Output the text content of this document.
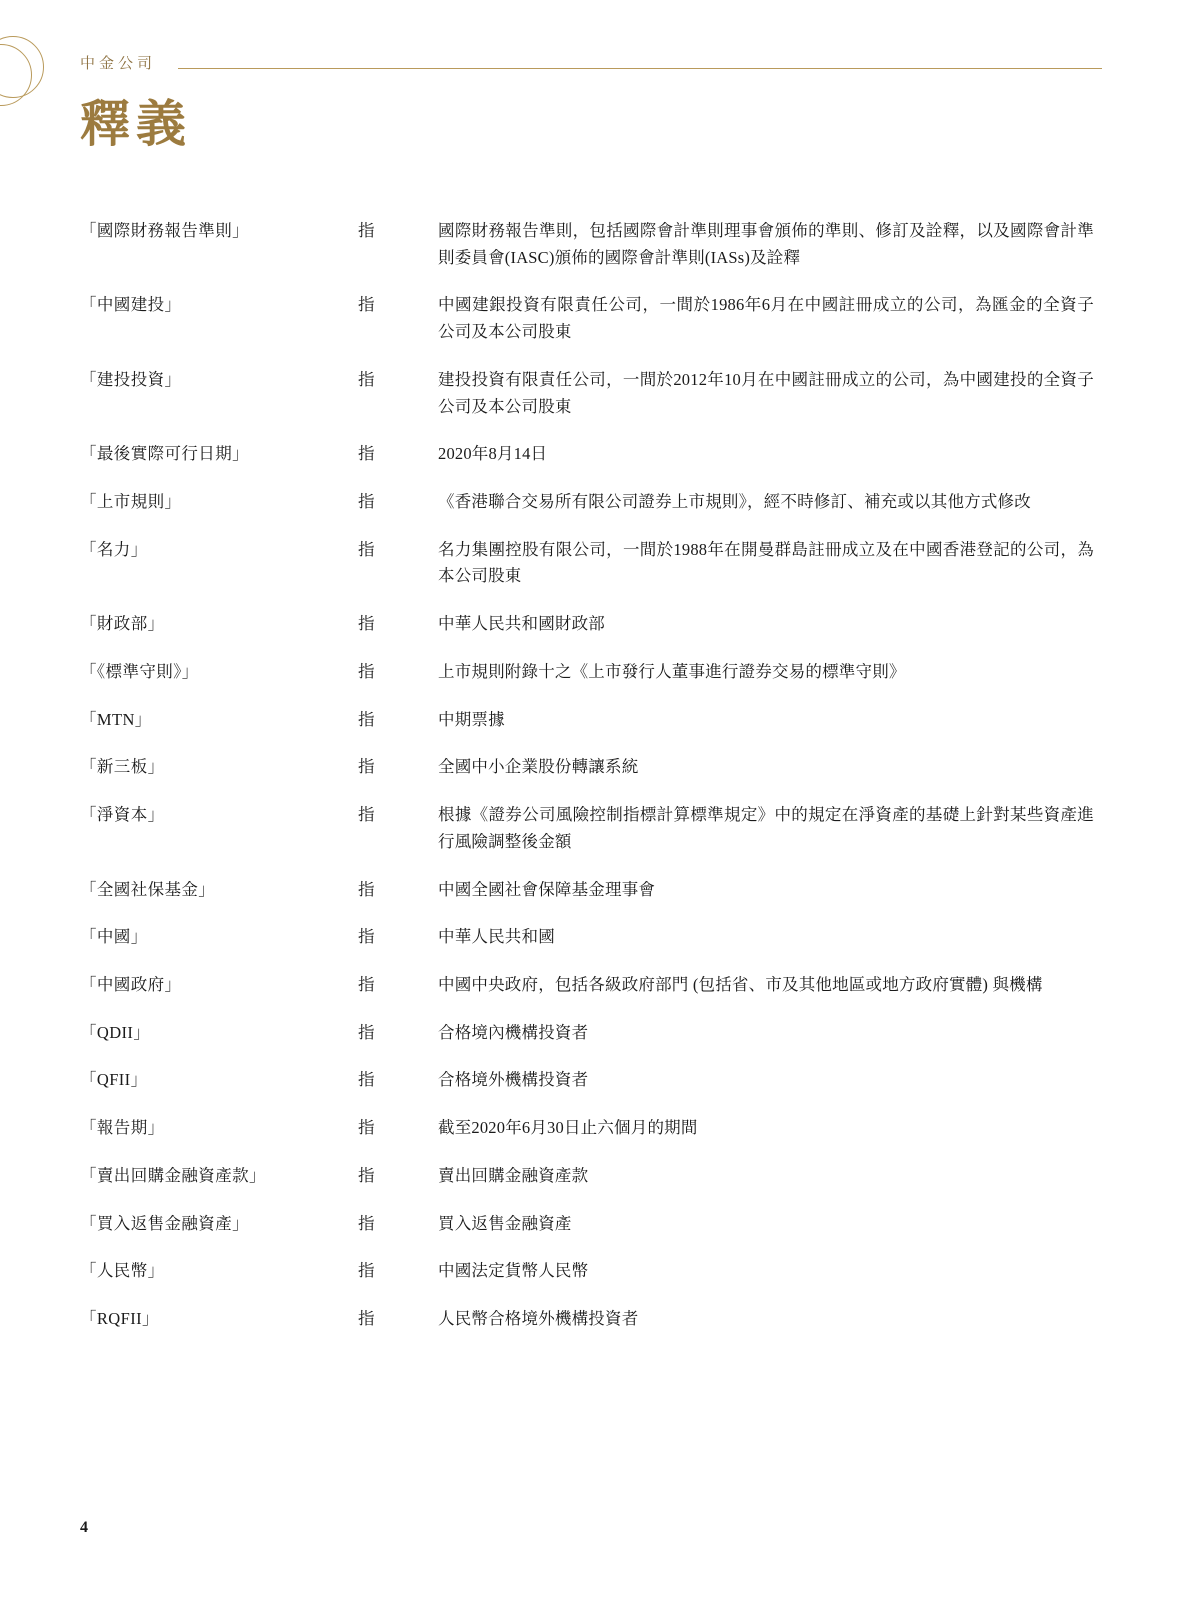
中金公司
釋義
「國際財務報告準則」	指	國際財務報告準則，包括國際會計準則理事會頒佈的準則、修訂及詮釋，以及國際會計準則委員會(IASC)頒佈的國際會計準則(IASs)及詮釋
「中國建投」	指	中國建銀投資有限責任公司，一間於1986年6月在中國註冊成立的公司，為匯金的全資子公司及本公司股東
「建投投資」	指	建投投資有限責任公司，一間於2012年10月在中國註冊成立的公司，為中國建投的全資子公司及本公司股東
「最後實際可行日期」	指	2020年8月14日
「上市規則」	指	《香港聯合交易所有限公司證券上市規則》，經不時修訂、補充或以其他方式修改
「名力」	指	名力集團控股有限公司，一間於1988年在開曼群島註冊成立及在中國香港登記的公司，為本公司股東
「財政部」	指	中華人民共和國財政部
「《標準守則》」	指	上市規則附錄十之《上市發行人董事進行證券交易的標準守則》
「MTN」	指	中期票據
「新三板」	指	全國中小企業股份轉讓系統
「淨資本」	指	根據《證券公司風險控制指標計算標準規定》中的規定在淨資產的基礎上針對某些資產進行風險調整後金額
「全國社保基金」	指	中國全國社會保障基金理事會
「中國」	指	中華人民共和國
「中國政府」	指	中國中央政府，包括各級政府部門 (包括省、市及其他地區或地方政府實體) 與機構
「QDII」	指	合格境內機構投資者
「QFII」	指	合格境外機構投資者
「報告期」	指	截至2020年6月30日止六個月的期間
「賣出回購金融資產款」	指	賣出回購金融資產款
「買入返售金融資產」	指	買入返售金融資產
「人民幣」	指	中國法定貨幣人民幣
「RQFII」	指	人民幣合格境外機構投資者
4
